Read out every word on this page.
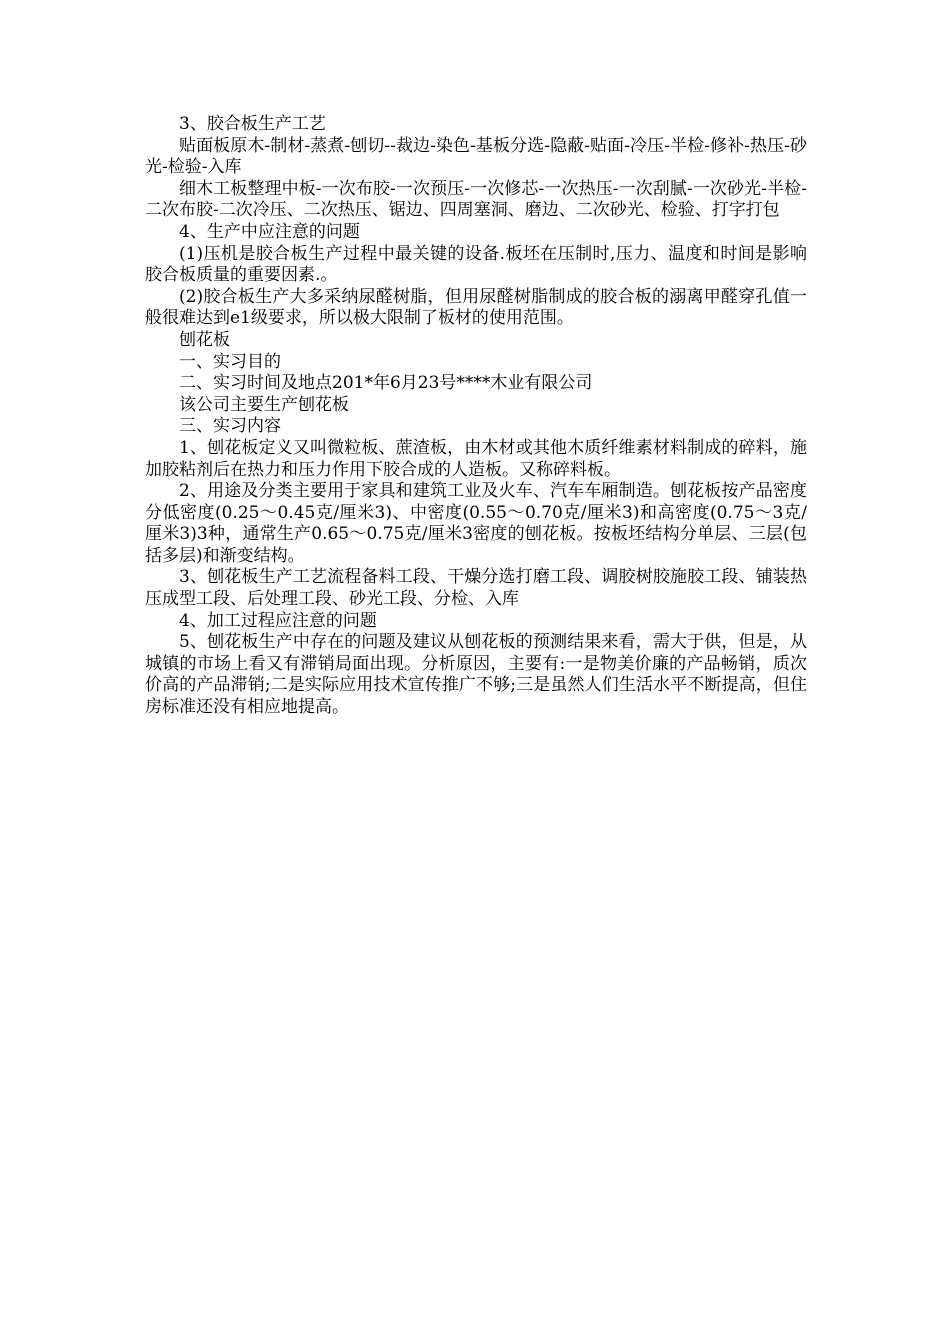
3、胶合板生产工艺

贴面板原木-制材-蒸煮-刨切--裁边-染色-基板分选-隐蔽-贴面-冷压-半检-修补-热压-砂光-检验-入库

细木工板整理中板-一次布胶-一次预压-一次修芯-一次热压-一次刮腻-一次砂光-半检-二次布胶-二次冷压、二次热压、锯边、四周塞洞、磨边、二次砂光、检验、打字打包

4、生产中应注意的问题

(1)压机是胶合板生产过程中最关键的设备.板坯在压制时,压力、温度和时间是影响胶合板质量的重要因素.。

(2)胶合板生产大多采纳尿醛树脂，但用尿醛树脂制成的胶合板的溺离甲醛穿孔值一般很难达到e1级要求，所以极大限制了板材的使用范围。

刨花板

一、实习目的

二、实习时间及地点201*年6月23号****木业有限公司

该公司主要生产刨花板

三、实习内容

1、刨花板定义又叫微粒板、蔗渣板，由木材或其他木质纤维素材料制成的碎料，施加胶粘剂后在热力和压力作用下胶合成的人造板。又称碎料板。

2、用途及分类主要用于家具和建筑工业及火车、汽车车厢制造。刨花板按产品密度分低密度(0.25～0.45克/厘米3)、中密度(0.55～0.70克/厘米3)和高密度(0.75～3克/厘米3)3种，通常生产0.65～0.75克/厘米3密度的刨花板。按板坯结构分单层、三层(包括多层)和渐变结构。

3、刨花板生产工艺流程备料工段、干燥分选打磨工段、调胶树胶施胶工段、铺装热压成型工段、后处理工段、砂光工段、分检、入库

4、加工过程应注意的问题

5、刨花板生产中存在的问题及建议从刨花板的预测结果来看，需大于供，但是，从城镇的市场上看又有滞销局面出现。分析原因，主要有:一是物美价廉的产品畅销，质次价高的产品滞销;二是实际应用技术宣传推广不够;三是虽然人们生活水平不断提高，但住房标准还没有相应地提高。
